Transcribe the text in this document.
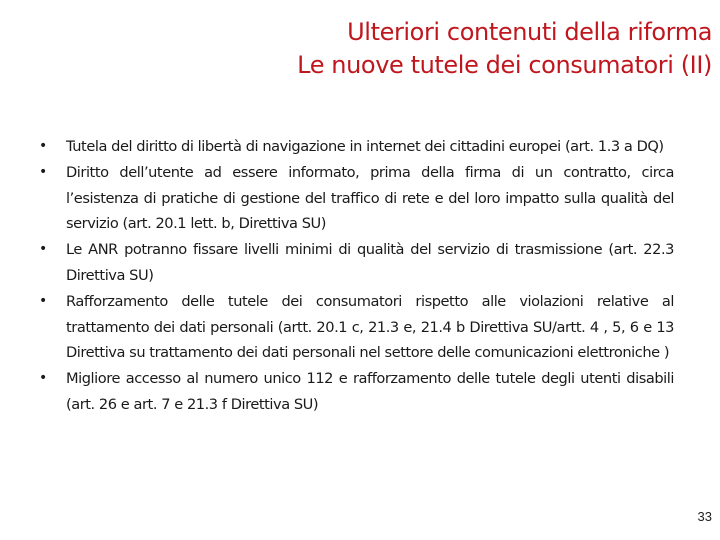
Ulteriori contenuti della riforma
Le nuove tutele dei consumatori (II)
• Tutela del diritto di libertà di navigazione in internet dei cittadini europei (art. 1.3 a DQ)
• Diritto dell’utente ad essere informato, prima della firma di un contratto, circa l’esistenza di pratiche di gestione del traffico di rete e del loro impatto sulla qualità del servizio (art. 20.1 lett. b, Direttiva SU)
• Le ANR potranno fissare livelli minimi di qualità del servizio di trasmissione (art. 22.3 Direttiva SU)
• Rafforzamento delle tutele dei consumatori rispetto alle violazioni relative al trattamento dei dati personali (artt. 20.1 c, 21.3 e, 21.4 b Direttiva SU/artt. 4 , 5, 6 e 13 Direttiva su trattamento dei dati personali nel settore delle comunicazioni elettroniche )
• Migliore accesso al numero unico 112 e rafforzamento delle tutele degli utenti disabili (art. 26 e art. 7 e 21.3 f Direttiva SU)
33
